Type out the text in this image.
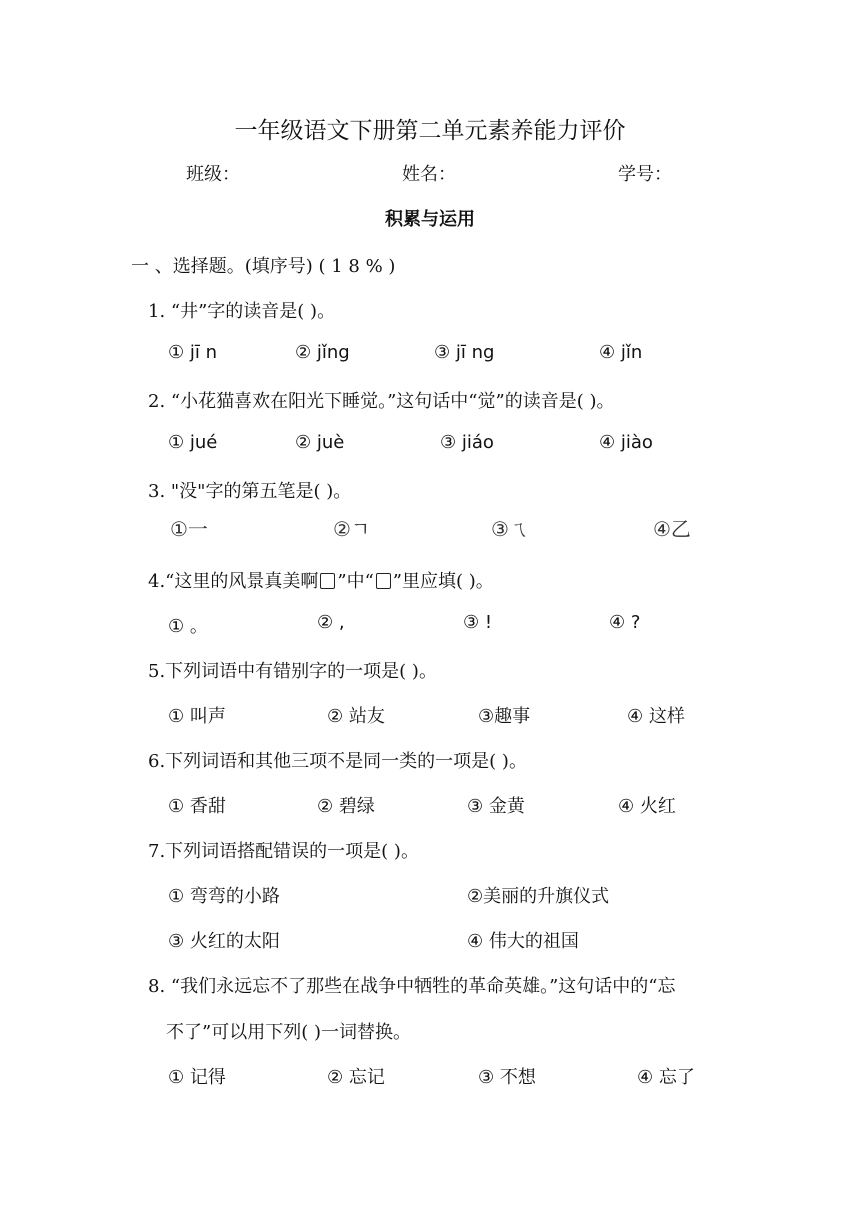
一年级语文下册第二单元素养能力评价
班级：	姓名：	学号：
积累与运用
一 、选择题。(填序号) ( 1 8 % )
1. “井”字的读音是( )。
① jī n	② jǐng	③ jī ng	④ jǐn
2. “小花猫喜欢在阳光下睡觉。”这句话中“觉”的读音是( )。
① jué	② juè	③ jiáo	④ jiào
3. "没"字的第五笔是( )。
①一	②ㄱ	③ㄟ	④乙
4.“这里的风景真美啊 ”中“ ”里应填( )。
① 。	② ,	③ !	④ ?
5.下列词语中有错别字的一项是( )。
① 叫声	② 站友	③趣事	④ 这样
6.下列词语和其他三项不是同一类的一项是( )。
① 香甜	② 碧绿	③ 金黄	④ 火红
7.下列词语搭配错误的一项是( )。
① 弯弯的小路	②美丽的升旗仪式
③ 火红的太阳	④ 伟大的祖国
8. “我们永远忘不了那些在战争中牺牲的革命英雄。”这句话中的“忘
不了”可以用下列( )一词替换。
① 记得	② 忘记	③ 不想	④ 忘了
